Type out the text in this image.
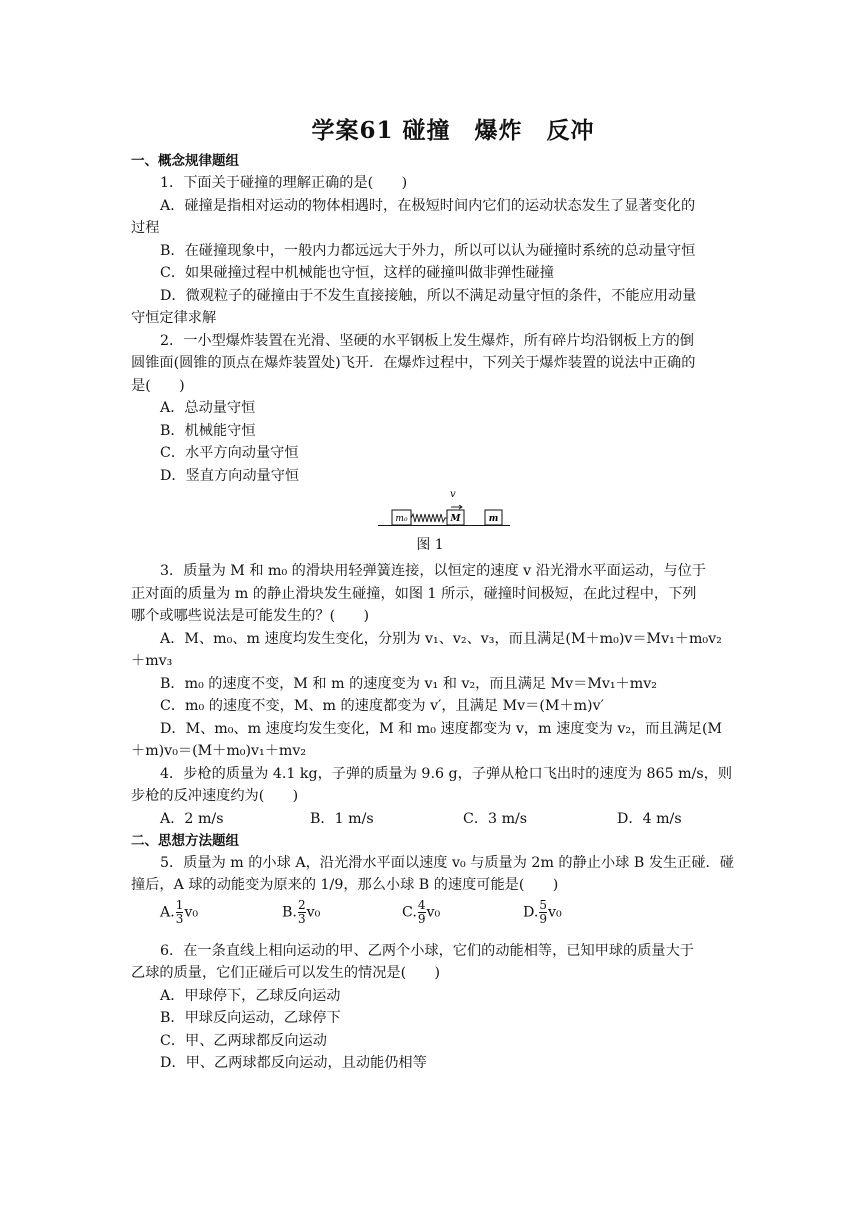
学案61 碰撞　爆炸　反冲
一、概念规律题组
1．下面关于碰撞的理解正确的是(　　)
A．碰撞是指相对运动的物体相遇时，在极短时间内它们的运动状态发生了显著变化的
过程
B．在碰撞现象中，一般内力都远远大于外力，所以可以认为碰撞时系统的总动量守恒
C．如果碰撞过程中机械能也守恒，这样的碰撞叫做非弹性碰撞
D．微观粒子的碰撞由于不发生直接接触，所以不满足动量守恒的条件，不能应用动量
守恒定律求解
2．一小型爆炸装置在光滑、坚硬的水平钢板上发生爆炸，所有碎片均沿钢板上方的倒
圆锥面(圆锥的顶点在爆炸装置处)飞开．在爆炸过程中，下列关于爆炸装置的说法中正确的
是(　　)
A．总动量守恒
B．机械能守恒
C．水平方向动量守恒
D．竖直方向动量守恒
m₀	M	m
v
图 1
3．质量为 M 和 m₀ 的滑块用轻弹簧连接，以恒定的速度 v 沿光滑水平面运动，与位于
正对面的质量为 m 的静止滑块发生碰撞，如图 1 所示，碰撞时间极短，在此过程中，下列
哪个或哪些说法是可能发生的？(　　)
A．M、m₀、m 速度均发生变化，分别为 v₁、v₂、v₃，而且满足(M＋m₀)v＝Mv₁＋m₀v₂
＋mv₃
B．m₀ 的速度不变，M 和 m 的速度变为 v₁ 和 v₂，而且满足 Mv＝Mv₁＋mv₂
C．m₀ 的速度不变，M、m 的速度都变为 v′，且满足 Mv＝(M＋m)v′
D．M、m₀、m 速度均发生变化，M 和 m₀ 速度都变为 v，m 速度变为 v₂，而且满足(M
＋m)v₀＝(M＋m₀)v₁＋mv₂
4．步枪的质量为 4.1 kg，子弹的质量为 9.6 g，子弹从枪口飞出时的速度为 865 m/s，则
步枪的反冲速度约为(　　)
A．2 m/s	B．1 m/s	C．3 m/s	D．4 m/s
二、思想方法题组
5．质量为 m 的小球 A，沿光滑水平面以速度 v₀ 与质量为 2m 的静止小球 B 发生正碰．碰
撞后，A 球的动能变为原来的 1/9，那么小球 B 的速度可能是(　　)
A. $\frac{1}{3} v_0$	B. $\frac{2}{3} v_0$	C. $\frac{4}{9} v_0$	D. $\frac{5}{9} v_0$
6．在一条直线上相向运动的甲、乙两个小球，它们的动能相等，已知甲球的质量大于
乙球的质量，它们正碰后可以发生的情况是(　　)
A．甲球停下，乙球反向运动
B．甲球反向运动，乙球停下
C．甲、乙两球都反向运动
D．甲、乙两球都反向运动，且动能仍相等
